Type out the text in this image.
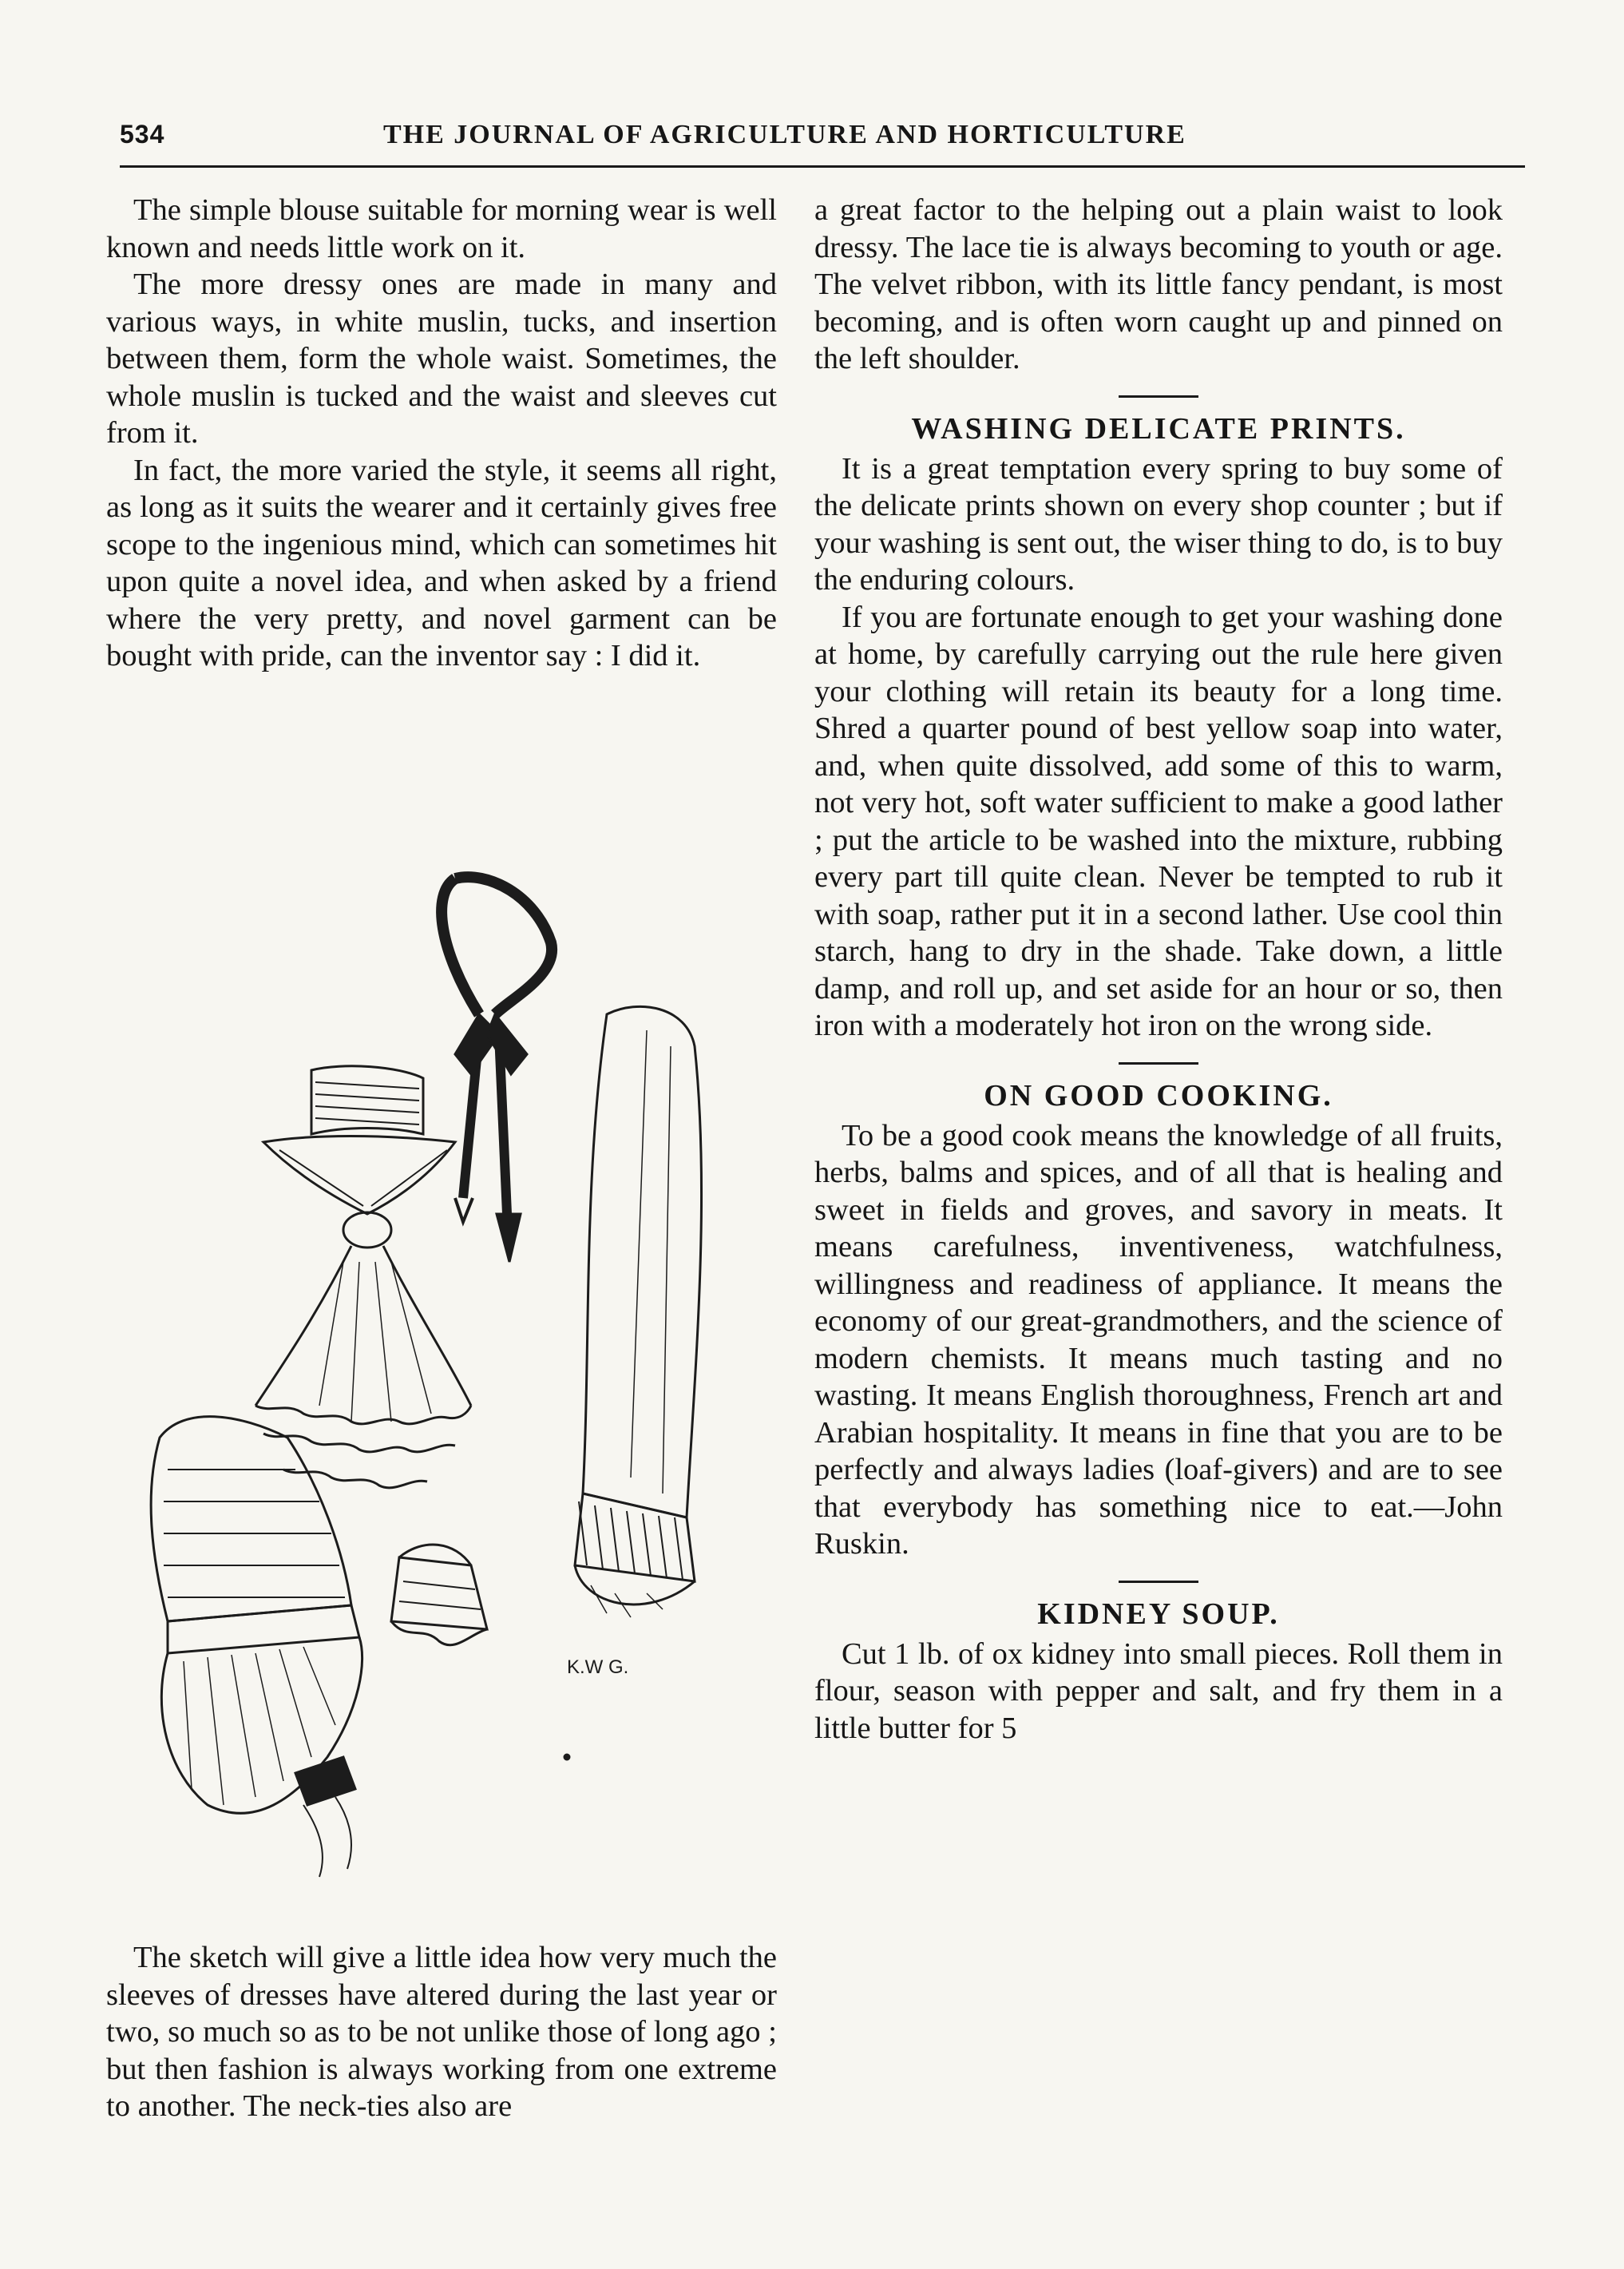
534	THE JOURNAL OF AGRICULTURE AND HORTICULTURE

The simple blouse suitable for morning wear is well known and needs little work on it.

The more dressy ones are made in many and various ways, in white muslin, tucks, and insertion between them, form the whole waist. Sometimes, the whole muslin is tucked and the waist and sleeves cut from it.

In fact, the more varied the style, it seems all right, as long as it suits the wearer and it certainly gives free scope to the ingenious mind, which can sometimes hit upon quite a novel idea, and when asked by a friend where the very pretty, and novel garment can be bought with pride, can the inventor say : I did it.

K.W G.

The sketch will give a little idea how very much the sleeves of dresses have altered during the last year or two, so much so as to be not unlike those of long ago ; but then fashion is always working from one extreme to another. The neck-ties also are

a great factor to the helping out a plain waist to look dressy. The lace tie is always becoming to youth or age. The velvet ribbon, with its little fancy pendant, is most becoming, and is often worn caught up and pinned on the left shoulder.

WASHING DELICATE PRINTS.

It is a great temptation every spring to buy some of the delicate prints shown on every shop counter ; but if your washing is sent out, the wiser thing to do, is to buy the enduring colours.

If you are fortunate enough to get your washing done at home, by carefully carrying out the rule here given your clothing will retain its beauty for a long time. Shred a quarter pound of best yellow soap into water, and, when quite dissolved, add some of this to warm, not very hot, soft water sufficient to make a good lather ; put the article to be washed into the mixture, rubbing every part till quite clean. Never be tempted to rub it with soap, rather put it in a second lather. Use cool thin starch, hang to dry in the shade. Take down, a little damp, and roll up, and set aside for an hour or so, then iron with a moderately hot iron on the wrong side.

ON GOOD COOKING.

To be a good cook means the knowledge of all fruits, herbs, balms and spices, and of all that is healing and sweet in fields and groves, and savory in meats. It means carefulness, inventiveness, watchfulness, willingness and readiness of appliance. It means the economy of our great-grandmothers, and the science of modern chemists. It means much tasting and no wasting. It means English thoroughness, French art and Arabian hospitality. It means in fine that you are to be perfectly and always ladies (loaf-givers) and are to see that everybody has something nice to eat.—John Ruskin.

KIDNEY SOUP.

Cut 1 lb. of ox kidney into small pieces. Roll them in flour, season with pepper and salt, and fry them in a little butter for 5
